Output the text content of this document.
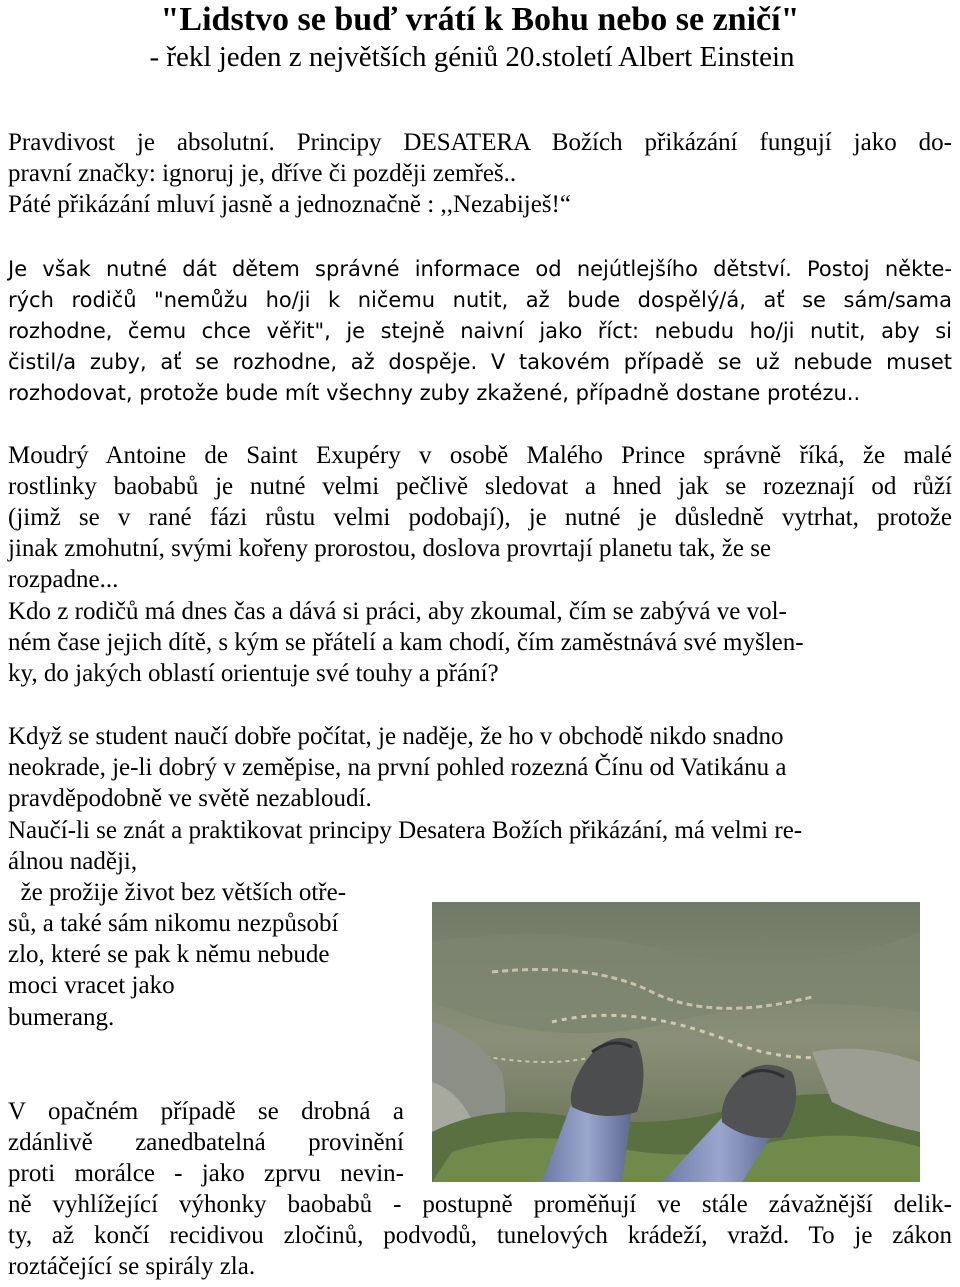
"Lidstvo se buď vrátí k Bohu nebo se zničí"
- řekl jeden z největších géniů 20.století Albert Einstein
Pravdivost je absolutní. Principy DESATERA Božích přikázání fungují jako do-
pravní značky: ignoruj je, dříve či později zemřeš..
Páté přikázání mluví jasně a jednoznačně : ,,Nezabiješ!“
Je však nutné dát dětem správné informace od nejútlejšího dětství. Postoj někte-
rých rodičů "nemůžu ho/ji k ničemu nutit, až bude dospělý/á, ať se sám/sama
rozhodne, čemu chce věřit", je stejně naivní jako říct: nebudu ho/ji nutit, aby si
čistil/a zuby, ať se rozhodne, až dospěje. V takovém případě se už nebude muset
rozhodovat, protože bude mít všechny zuby zkažené, případně dostane protézu..
Moudrý Antoine de Saint Exupéry v osobě Malého Prince správně říká, že malé
rostlinky baobabů je nutné velmi pečlivě sledovat a hned jak se rozeznají od růží
(jimž se v rané fázi růstu velmi podobají), je nutné je důsledně vytrhat, protože
jinak zmohutní, svými kořeny prorostou, doslova provrtají planetu tak, že se
rozpadne...
Kdo z rodičů má dnes čas a dává si práci, aby zkoumal, čím se zabývá ve vol-
ném čase jejich dítě, s kým se přátelí a kam chodí, čím zaměstnává své myšlen-
ky, do jakých oblastí orientuje své touhy a přání?
Když se student naučí dobře počítat, je naděje, že ho v obchodě nikdo snadno
neokrade, je-li dobrý v zeměpise, na první pohled rozezná Čínu od Vatikánu a
pravděpodobně ve světě nezabloudí.
Naučí-li se znát a praktikovat principy Desatera Božích přikázání, má velmi re-
álnou naději,
že prožije život bez větších otře-
sů, a také sám nikomu nezpůsobí
zlo, které se pak k němu nebude
moci vracet jako
bumerang.
V opačném případě se drobná a
zdánlivě zanedbatelná provinění
proti morálce - jako zprvu nevin-
ně vyhlížející výhonky baobabů - postupně proměňují ve stále závažnější delik-
ty, až končí recidivou zločinů, podvodů, tunelových krádeží, vražd. To je zákon
roztáčející se spirály zla.
